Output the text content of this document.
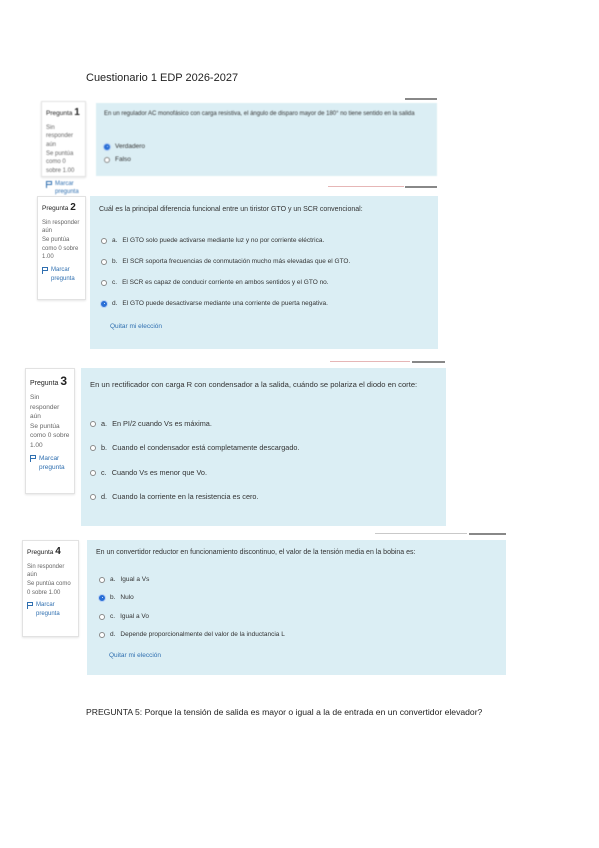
Cuestionario 1 EDP 2026-2027
Pregunta 1
Sin responder aún
Se puntúa como 0 sobre 1.00
Marcar pregunta
En un regulador AC monofásico con carga resistiva, el ángulo de disparo mayor de 180° no tiene sentido en la salida
Verdadero
Falso
Pregunta 2
Sin responder aún
Se puntúa como 0 sobre 1.00
Marcar pregunta
Cuál es la principal diferencia funcional entre un tiristor GTO y un SCR convencional:
a. El GTO solo puede activarse mediante luz y no por corriente eléctrica.
b. El SCR soporta frecuencias de conmutación mucho más elevadas que el GTO.
c. El SCR es capaz de conducir corriente en ambos sentidos y el GTO no.
d. El GTO puede desactivarse mediante una corriente de puerta negativa.
Quitar mi elección
Pregunta 3
Sin responder aún
Se puntúa como 0 sobre 1.00
Marcar pregunta
En un rectificador con carga R con condensador a la salida, cuándo se polariza el diodo en corte:
a. En PI/2 cuando Vs es máxima.
b. Cuando el condensador está completamente descargado.
c. Cuando Vs es menor que Vo.
d. Cuando la corriente en la resistencia es cero.
Pregunta 4
Sin responder aún
Se puntúa como 0 sobre 1.00
Marcar pregunta
En un convertidor reductor en funcionamiento discontinuo, el valor de la tensión media en la bobina es:
a. Igual a Vs
b. Nulo
c. Igual a Vo
d. Depende proporcionalmente del valor de la inductancia L
Quitar mi elección
PREGUNTA 5: Porque la tensión de salida es mayor o igual a la de entrada en un convertidor elevador?
